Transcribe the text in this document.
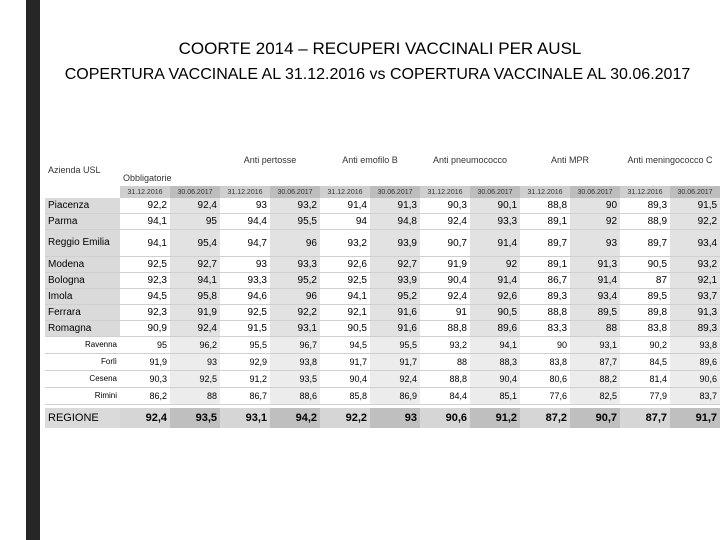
COORTE 2014 – RECUPERI VACCINALI PER AUSL
COPERTURA VACCINALE AL 31.12.2016 vs COPERTURA VACCINALE AL 30.06.2017
Azienda USL	Obbligatorie		Anti pertosse		Anti emofilo B		Anti pneumococco		Anti MPR		Anti meningococco C	
	31.12.2016	30.06.2017	31.12.2016	30.06.2017	31.12.2016	30.06.2017	31.12.2016	30.06.2017	31.12.2016	30.06.2017	31.12.2016	30.06.2017

Piacenza	92,2	92,4	93	93,2	91,4	91,3	90,3	90,1	88,8	90	89,3	91,5

Parma	94,1	95	94,4	95,5	94	94,8	92,4	93,3	89,1	92	88,9	92,2

Reggio Emilia	94,1	95,4	94,7	96	93,2	93,9	90,7	91,4	89,7	93	89,7	93,4

Modena	92,5	92,7	93	93,3	92,6	92,7	91,9	92	89,1	91,3	90,5	93,2

Bologna	92,3	94,1	93,3	95,2	92,5	93,9	90,4	91,4	86,7	91,4	87	92,1

Imola	94,5	95,8	94,6	96	94,1	95,2	92,4	92,6	89,3	93,4	89,5	93,7

Ferrara	92,3	91,9	92,5	92,2	92,1	91,6	91	90,5	88,8	89,5	89,8	91,3

Romagna	90,9	92,4	91,5	93,1	90,5	91,6	88,8	89,6	83,3	88	83,8	89,3

Ravenna	95	96,2	95,5	96,7	94,5	95,5	93,2	94,1	90	93,1	90,2	93,8

Forlì	91,9	93	92,9	93,8	91,7	91,7	88	88,3	83,8	87,7	84,5	89,6

Cesena	90,3	92,5	91,2	93,5	90,4	92,4	88,8	90,4	80,6	88,2	81,4	90,6

Rimini	86,2	88	86,7	88,6	85,8	86,9	84,4	85,1	77,6	82,5	77,9	83,7

REGIONE	92,4	93,5	93,1	94,2	92,2	93	90,6	91,2	87,2	90,7	87,7	91,7
